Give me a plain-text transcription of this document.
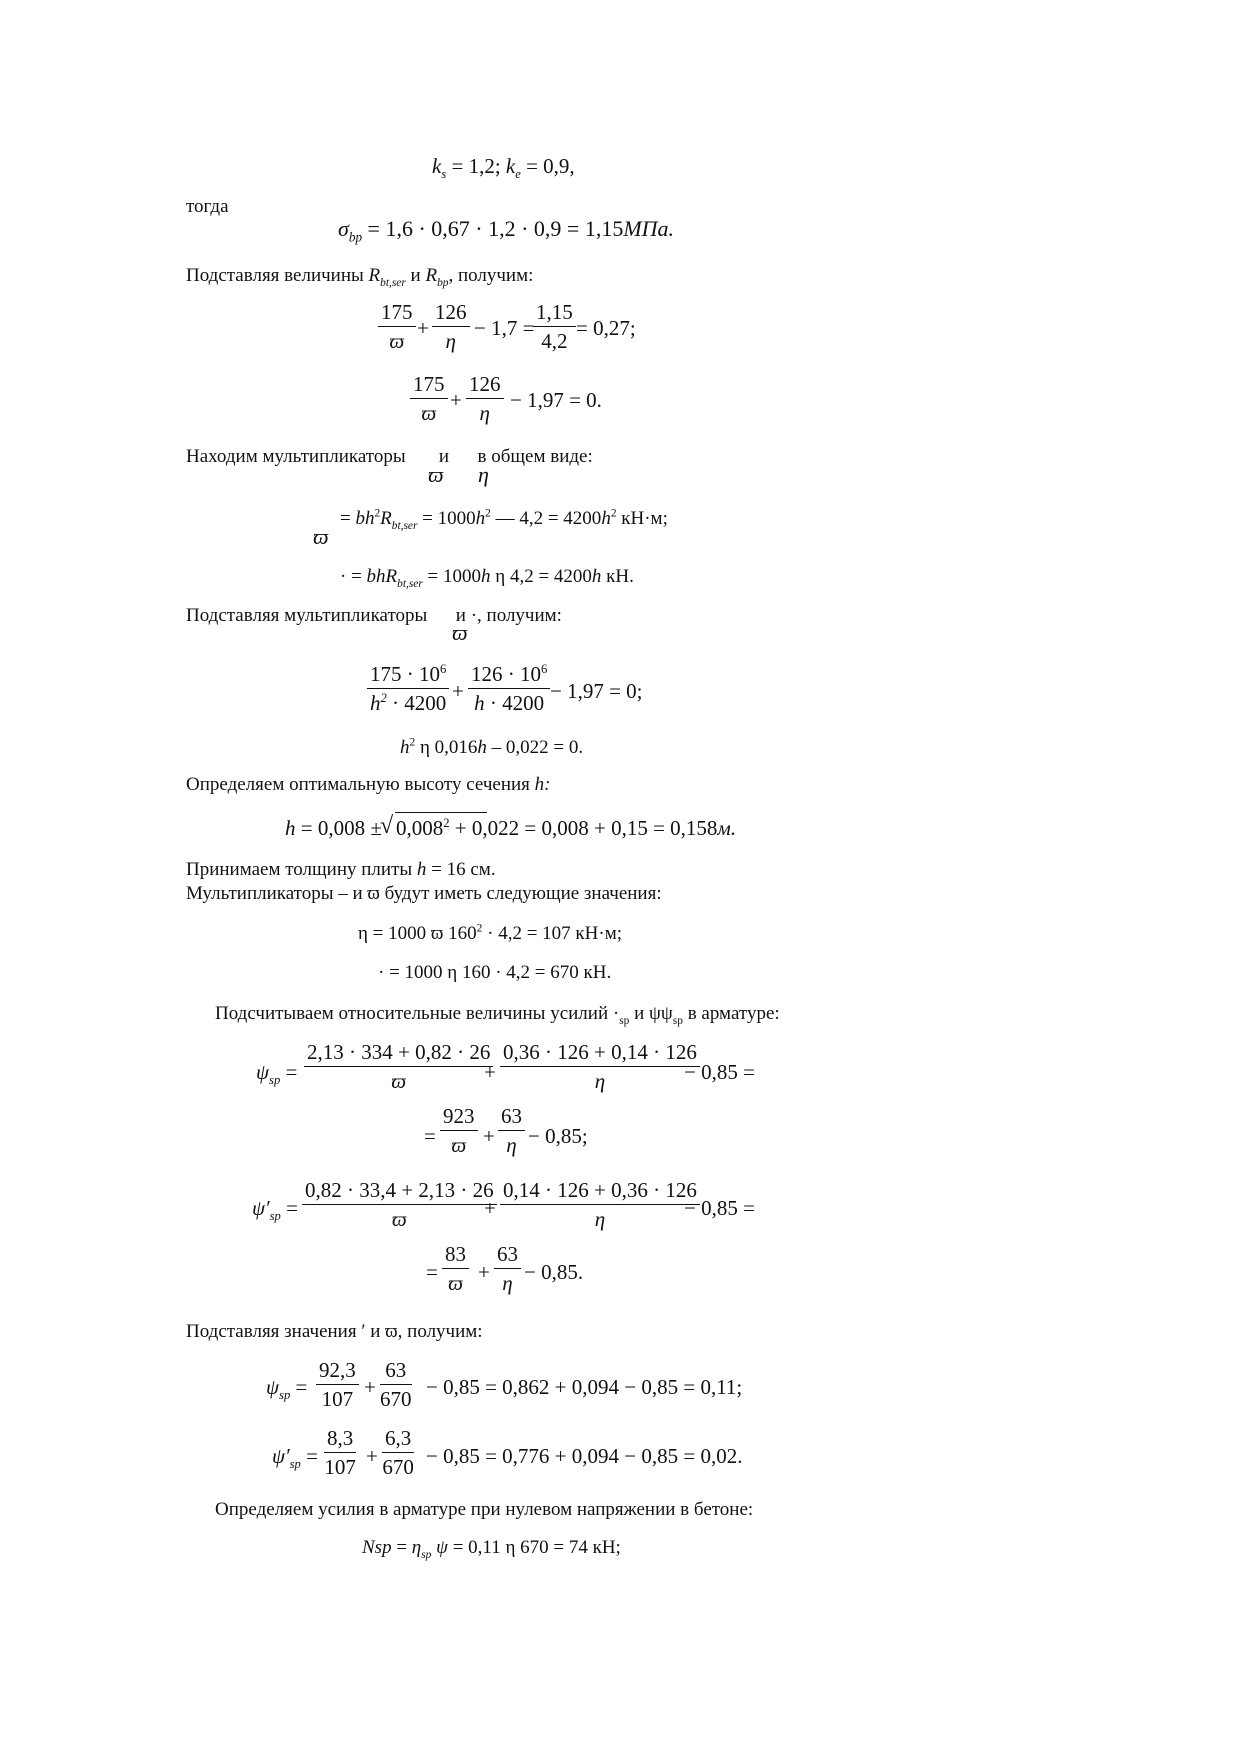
$k_s = 1,2$; $k_e = 0,9$,
тогда
$\sigma_{bp} = 1,6 \cdot 0,67 \cdot 1,2 \cdot 0,9 = 1,15МПа$.
Подставляя величины $R_{bt,ser}$ и $R_{bp}$, получим:
$\frac{175}{ϖ} + \frac{126}{\eta} - 1,7$ =
$\frac{1,15}{4,2} = 0,27$;
$\frac{175}{ϖ} + \frac{126}{\eta} - 1,97 = 0$.
Находим мультипликаторы       и      в общем виде:
ϖ η
= $bh^2R_{bt,ser} = 1000h^2$ — $4,2 = 4200h^2$ кН·м;
ϖ
· = bhR$_{bt,ser}$ = 1000h η 4,2 = 4200h кН.
Подставляя мультипликаторы      и ·, получим:
ϖ
$\frac{175 \cdot 10^6}{h^2 \cdot 4200} + \frac{126 \cdot 10^6}{h \cdot 4200} - 1,97 = 0$;
$h^2$ η 0,016h – 0,022 = 0.
Определяем оптимальную высоту сечения h:
h = 0,008 ±
√ $0,008^2 + 0,022 = 0,008 + 0,15 = 0,158м$.
Принимаем толщину плиты h = 16 см.
Мультипликаторы – и ϖ будут иметь следующие значения:
η = 1000 ϖ $160^2 \cdot 4,2 = 107$ кН·м;
· = 1000 η 160 · 4,2 = 670 кН.
Подсчитываем относительные величины усилий $\cdot_{sp}$ и $\psi\psi_{sp}$ в арматуре:
$\psi_{sp} = \frac{2,13 \cdot 334 + 0,82 \cdot 26}{ϖ}$
+ $\frac{0,36 \cdot 126 + 0,14 \cdot 126}{\eta}$
− 0,85 =
= $\frac{923}{ϖ} + \frac{63}{\eta} - 0,85$;
$\psi'_{sp} = \frac{0,82 \cdot 33,4 + 2,13 \cdot 26}{ϖ}$
+ $\frac{0,14 \cdot 126 + 0,36 \cdot 126}{\eta}$
− 0,85 =
= $\frac{83}{ϖ} + \frac{63}{\eta} - 0,85$.
Подставляя значения ′ и ϖ, получим:
$\psi_{sp} = \frac{92,3}{107} + \frac{63}{670} - 0,85 = 0,862 + 0,094 - 0,85 = 0,11$;
$\psi'_{sp} = \frac{8,3}{107} + \frac{6,3}{670} - 0,85 = 0,776 + 0,094 - 0,85 = 0,02$.
Определяем усилия в арматуре при нулевом напряжении в бетоне:
Nsp = $\eta_{sp}$ ψ = 0,11 η 670 = 74 кН;
